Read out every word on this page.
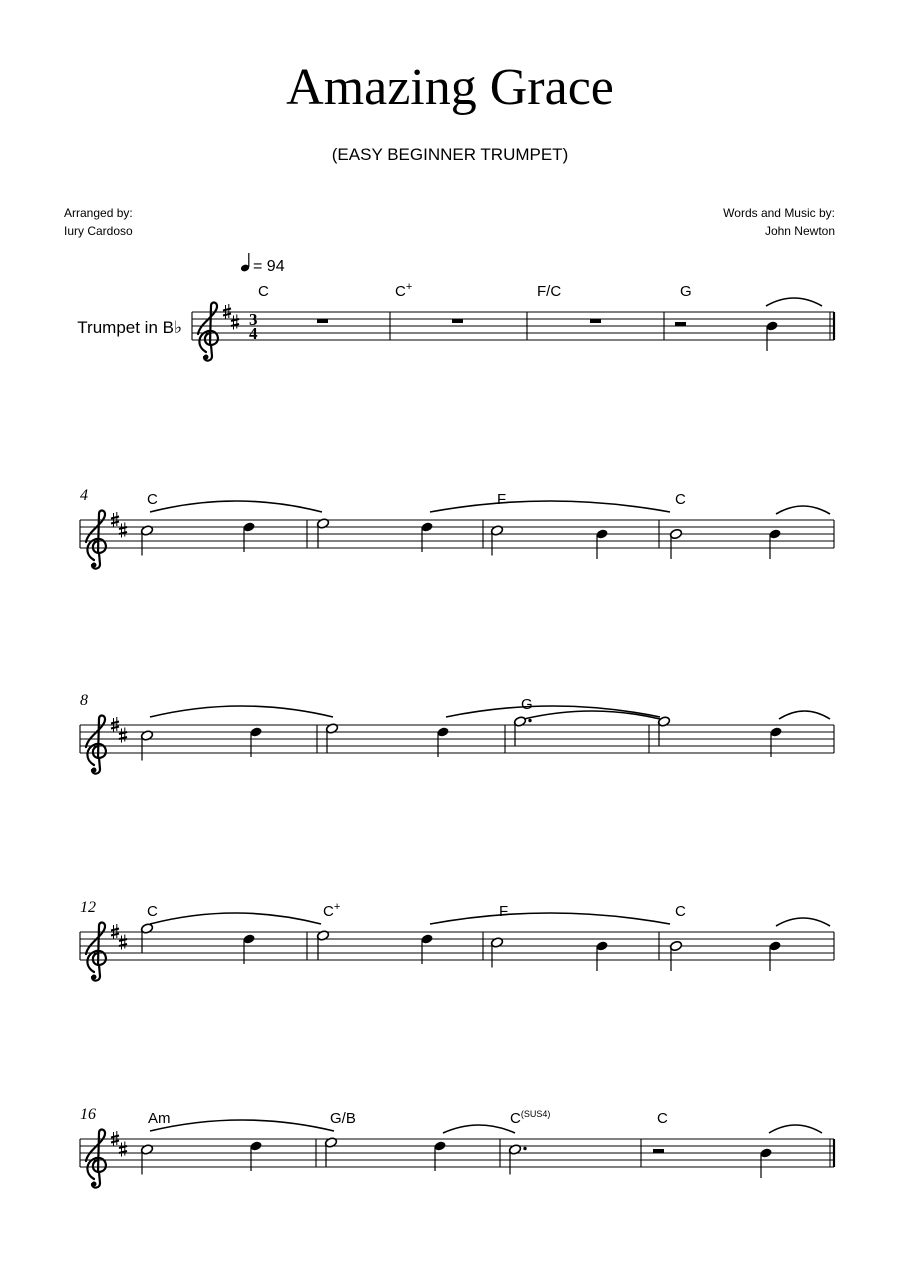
Amazing Grace
(EASY BEGINNER TRUMPET)
Arranged by:
Iury Cardoso
Words and Music by:
John Newton
= 94
Trumpet in B♭	3
4
C	C+	F/C	G
4	C	F	C
8	G
12	C	C+	F	C
16	Am	G/B	$C^{(SUS4)}$	C
